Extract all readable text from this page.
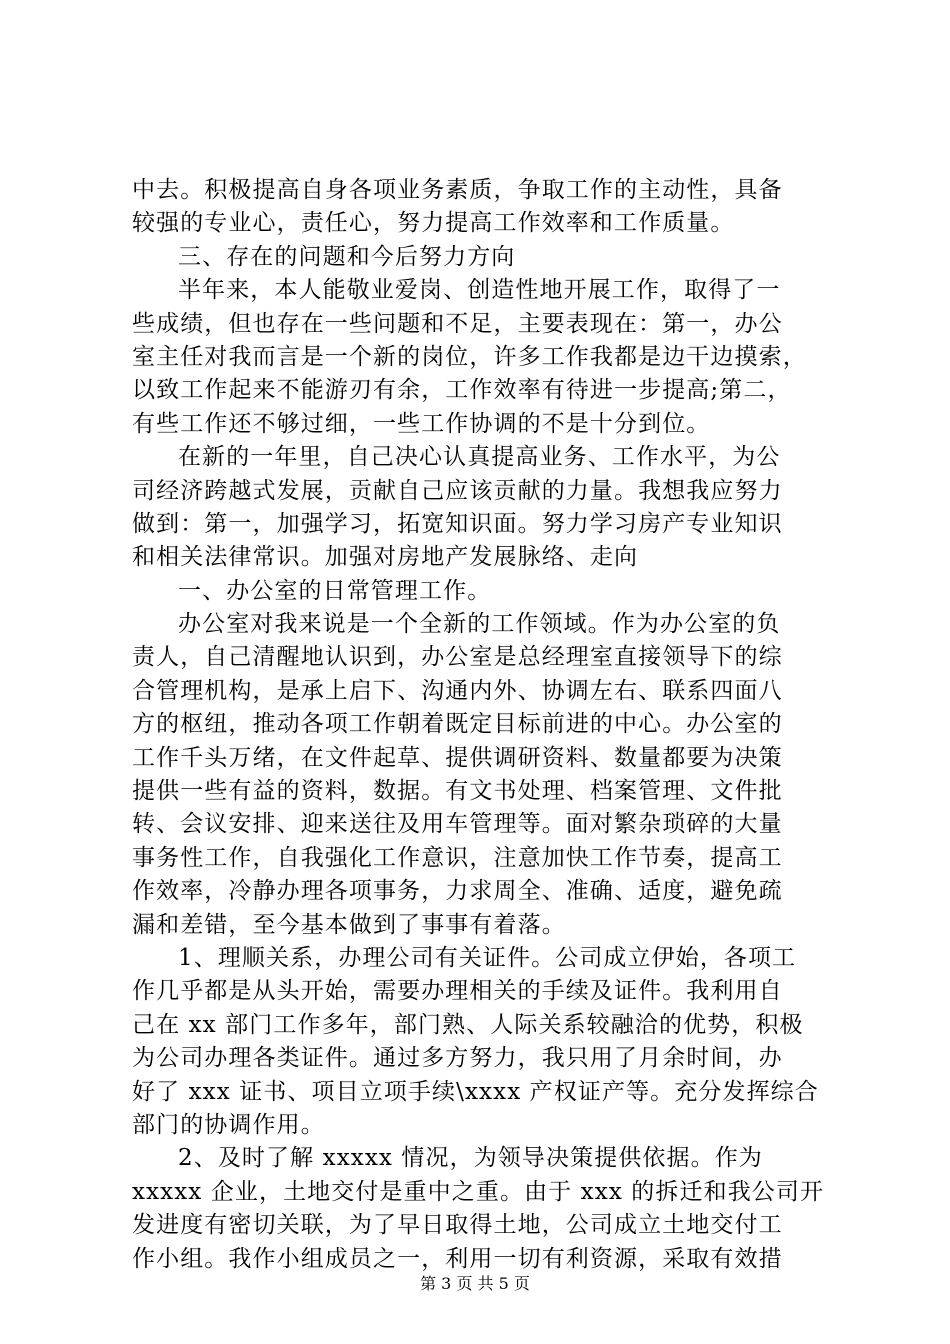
中去。积极提高自身各项业务素质，争取工作的主动性，具备
较强的专业心，责任心，努力提高工作效率和工作质量。
三、存在的问题和今后努力方向
半年来，本人能敬业爱岗、创造性地开展工作，取得了一
些成绩，但也存在一些问题和不足，主要表现在：第一，办公
室主任对我而言是一个新的岗位，许多工作我都是边干边摸索，
以致工作起来不能游刃有余，工作效率有待进一步提高;第二，
有些工作还不够过细，一些工作协调的不是十分到位。
在新的一年里，自己决心认真提高业务、工作水平，为公
司经济跨越式发展，贡献自己应该贡献的力量。我想我应努力
做到：第一，加强学习，拓宽知识面。努力学习房产专业知识
和相关法律常识。加强对房地产发展脉络、走向
一、办公室的日常管理工作。
办公室对我来说是一个全新的工作领域。作为办公室的负
责人，自己清醒地认识到，办公室是总经理室直接领导下的综
合管理机构，是承上启下、沟通内外、协调左右、联系四面八
方的枢纽，推动各项工作朝着既定目标前进的中心。办公室的
工作千头万绪，在文件起草、提供调研资料、数量都要为决策
提供一些有益的资料，数据。有文书处理、档案管理、文件批
转、会议安排、迎来送往及用车管理等。面对繁杂琐碎的大量
事务性工作，自我强化工作意识，注意加快工作节奏，提高工
作效率，冷静办理各项事务，力求周全、准确、适度，避免疏
漏和差错，至今基本做到了事事有着落。
1、理顺关系，办理公司有关证件。公司成立伊始，各项工
作几乎都是从头开始，需要办理相关的手续及证件。我利用自
己在 xx 部门工作多年，部门熟、人际关系较融洽的优势，积极
为公司办理各类证件。通过多方努力，我只用了月余时间，办
好了 xxx 证书、项目立项手续\xxxx 产权证产等。充分发挥综合
部门的协调作用。
2、及时了解 xxxxx 情况，为领导决策提供依据。作为
xxxxx 企业，土地交付是重中之重。由于 xxx 的拆迁和我公司开
发进度有密切关联，为了早日取得土地，公司成立土地交付工
作小组。我作小组成员之一，利用一切有利资源，采取有效措
第 3 页 共 5 页
